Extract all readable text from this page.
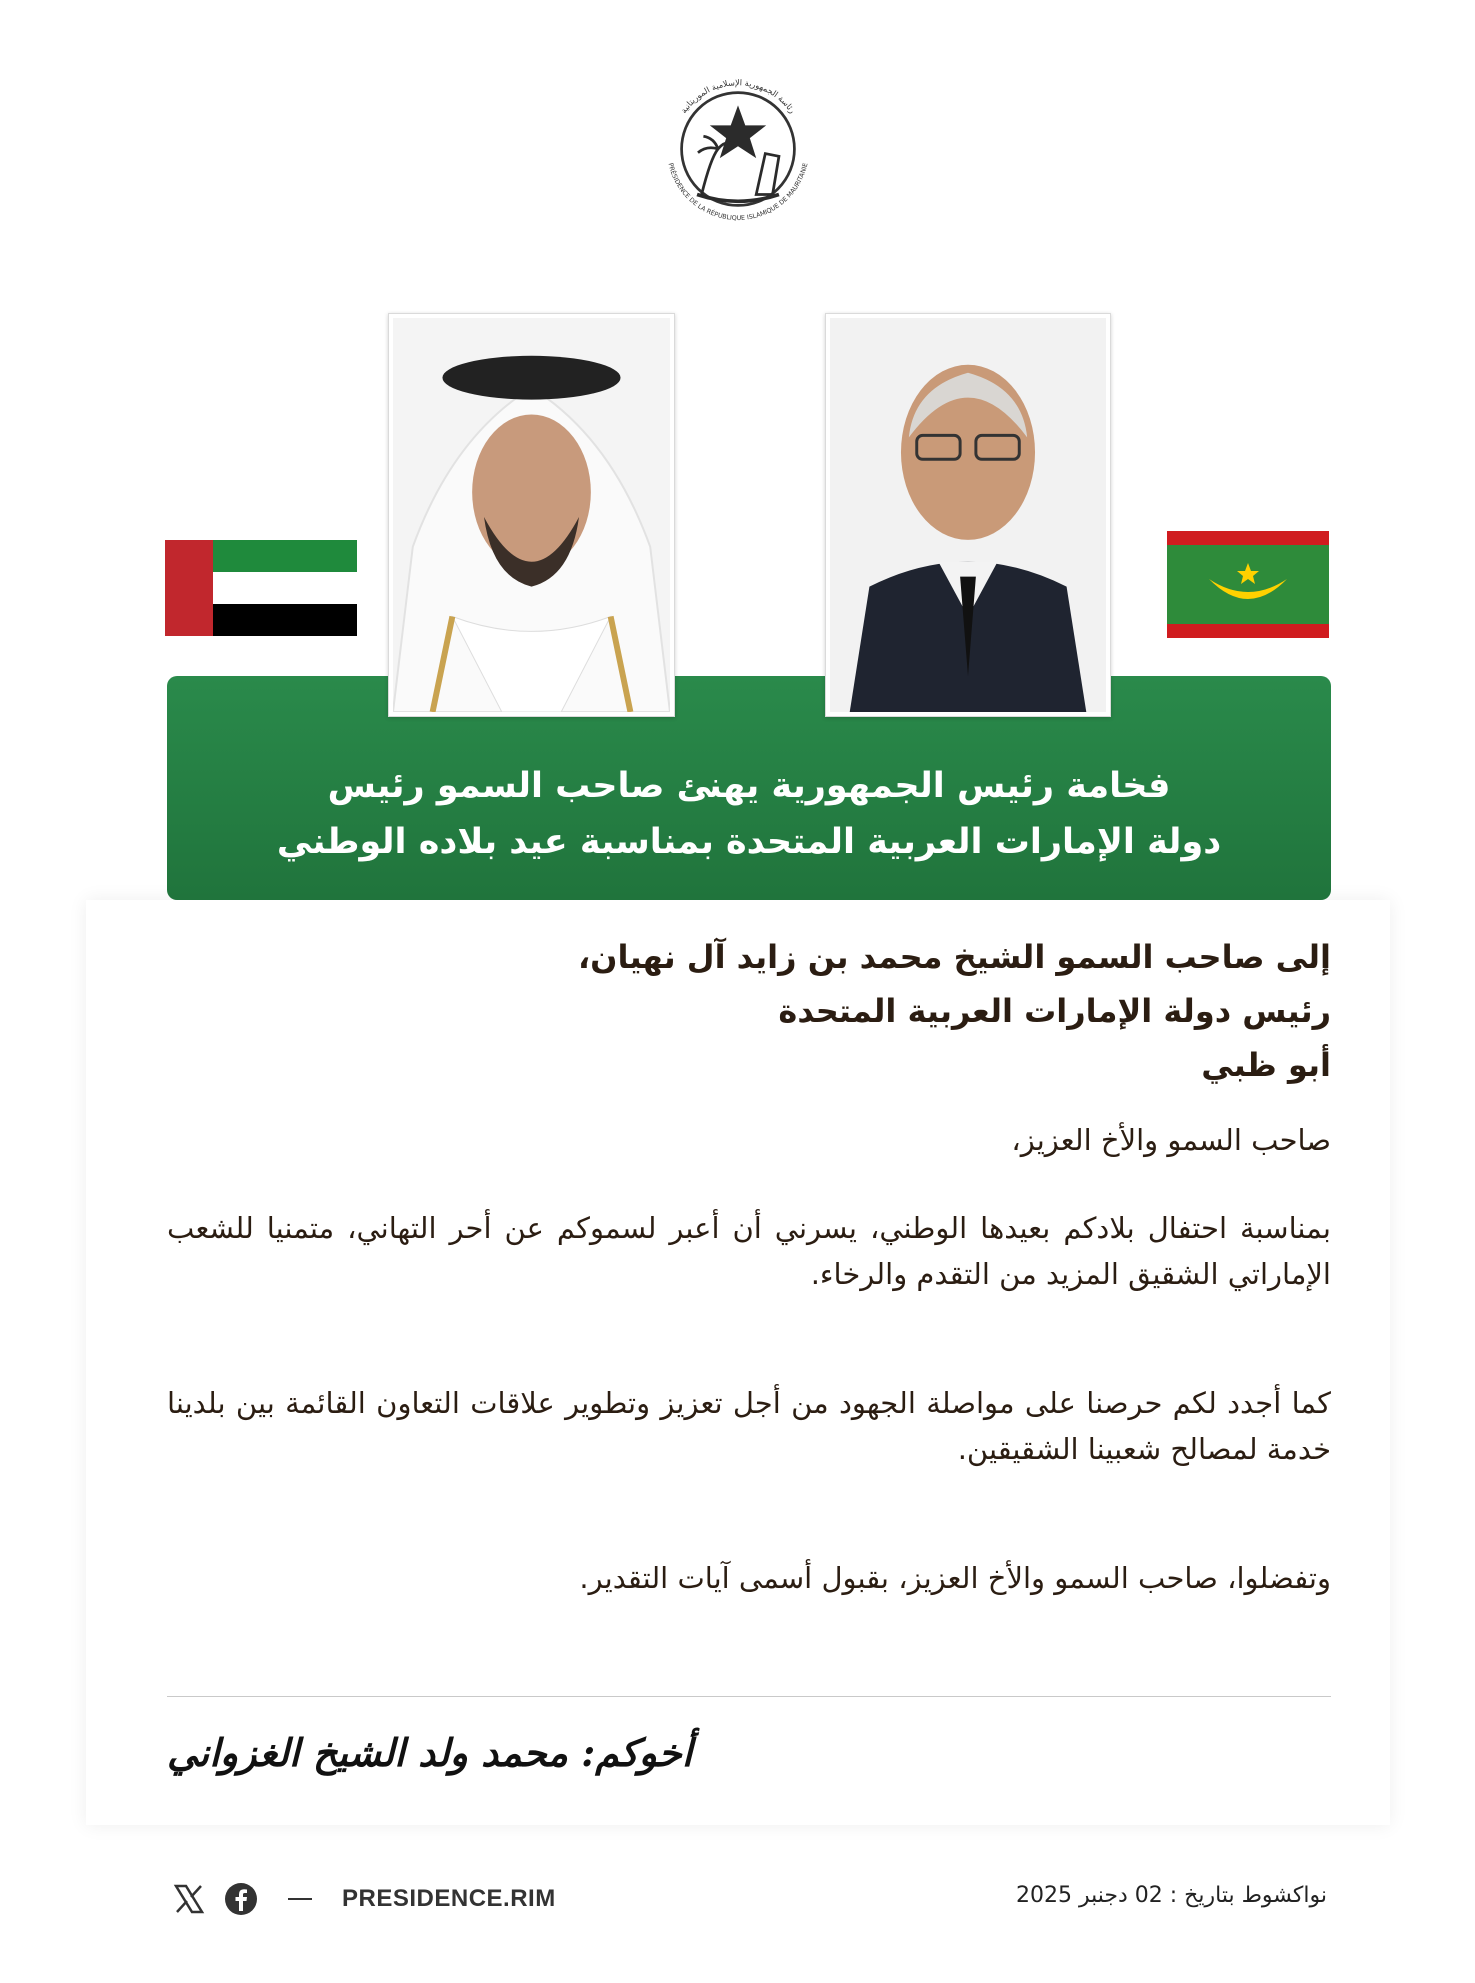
رئاسة الجمهورية الإسلامية الموريتانية
PRÉSIDENCE DE LA RÉPUBLIQUE ISLAMIQUE DE MAURITANIE
فخامة رئيس الجمهورية يهنئ صاحب السمو رئيس
دولة الإمارات العربية المتحدة بمناسبة عيد بلاده الوطني
إلى صاحب السمو الشيخ محمد بن زايد آل نهيان،
رئيس دولة الإمارات العربية المتحدة
أبو ظبي
صاحب السمو والأخ العزيز،
بمناسبة احتفال بلادكم بعيدها الوطني، يسرني أن أعبر لسموكم عن أحر التهاني، متمنيا للشعب الإماراتي الشقيق المزيد من التقدم والرخاء.
كما أجدد لكم حرصنا على مواصلة الجهود من أجل تعزيز وتطوير علاقات التعاون القائمة بين بلدينا خدمة لمصالح شعبينا الشقيقين.
وتفضلوا، صاحب السمو والأخ العزيز، بقبول أسمى آيات التقدير.
أخوكم: محمد ولد الشيخ الغزواني
PRESIDENCE.RIM	نواكشوط بتاريخ : 02 دجنبر 2025
